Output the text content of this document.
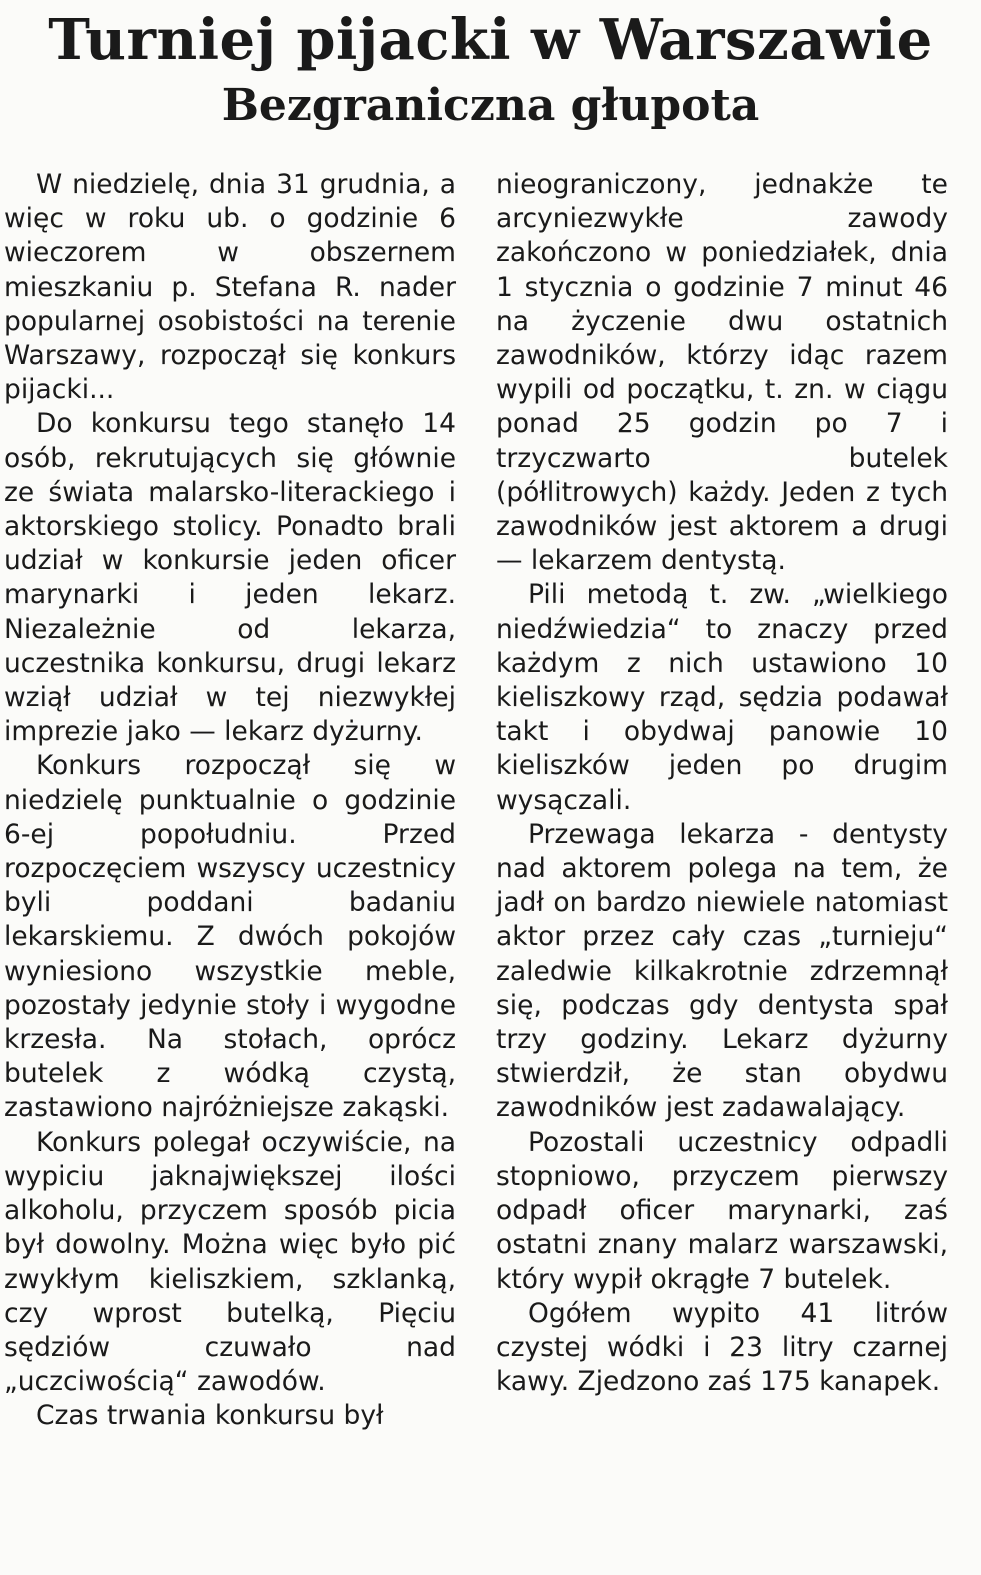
Turniej pijacki w Warszawie
Bezgraniczna głupota

W niedzielę, dnia 31 grudnia, a więc w roku ub. o godzinie 6 wieczorem w obszernem mieszkaniu p. Stefana R. nader popularnej osobistości na terenie Warszawy, rozpoczął się konkurs pijacki...

Do konkursu tego stanęło 14 osób, rekrutujących się głównie ze świata malarsko-literackiego i aktorskiego stolicy. Ponadto brali udział w konkursie jeden oficer marynarki i jeden lekarz. Niezależnie od lekarza, uczestnika konkursu, drugi lekarz wziął udział w tej niezwykłej imprezie jako — lekarz dyżurny.

Konkurs rozpoczął się w niedzielę punktualnie o godzinie 6-ej popołudniu. Przed rozpoczęciem wszyscy uczestnicy byli poddani badaniu lekarskiemu. Z dwóch pokojów wyniesiono wszystkie meble, pozostały jedynie stoły i wygodne krzesła. Na stołach, oprócz butelek z wódką czystą, zastawiono najróżniejsze zakąski.

Konkurs polegał oczywiście, na wypiciu jaknajwiększej ilości alkoholu, przyczem sposób picia był dowolny. Można więc było pić zwykłym kieliszkiem, szklanką, czy wprost butelką, Pięciu sędziów czuwało nad „uczciwością“ zawodów.

Czas trwania konkursu był

nieograniczony, jednakże te arcyniezwykłe zawody zakończono w poniedziałek, dnia 1 stycznia o godzinie 7 minut 46 na życzenie dwu ostatnich zawodników, którzy idąc razem wypili od początku, t. zn. w ciągu ponad 25 godzin po 7 i trzyczwarto butelek (półlitrowych) każdy. Jeden z tych zawodników jest aktorem a drugi — lekarzem dentystą.

Pili metodą t. zw. „wielkiego niedźwiedzia“ to znaczy przed każdym z nich ustawiono 10 kieliszkowy rząd, sędzia podawał takt i obydwaj panowie 10 kieliszków jeden po drugim wysączali.

Przewaga lekarza - dentysty nad aktorem polega na tem, że jadł on bardzo niewiele natomiast aktor przez cały czas „turnieju“ zaledwie kilkakrotnie zdrzemnął się, podczas gdy dentysta spał trzy godziny. Lekarz dyżurny stwierdził, że stan obydwu zawodników jest zadawalający.

Pozostali uczestnicy odpadli stopniowo, przyczem pierwszy odpadł oficer marynarki, zaś ostatni znany malarz warszawski, który wypił okrągłe 7 butelek.

Ogółem wypito 41 litrów czystej wódki i 23 litry czarnej kawy. Zjedzono zaś 175 kanapek.
